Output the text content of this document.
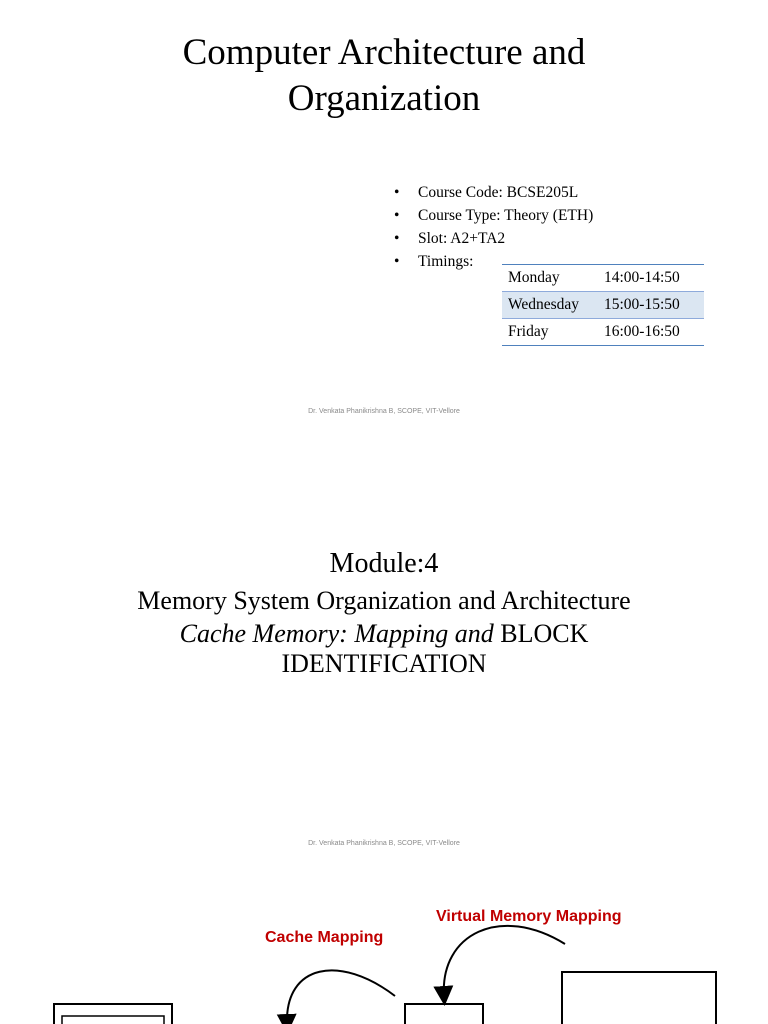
Computer Architecture and
Organization
• Course Code: BCSE205L
• Course Type: Theory (ETH)
• Slot: A2+TA2
• Timings:
Monday	14:00-14:50
Wednesday	15:00-15:50
Friday	16:00-16:50
Dr. Venkata Phanikrishna B, SCOPE, VIT-Vellore
Module:4
Memory System Organization and Architecture
Cache Memory: Mapping and BLOCK
IDENTIFICATION
Dr. Venkata Phanikrishna B, SCOPE, VIT-Vellore
Cache Mapping
Virtual Memory Mapping
